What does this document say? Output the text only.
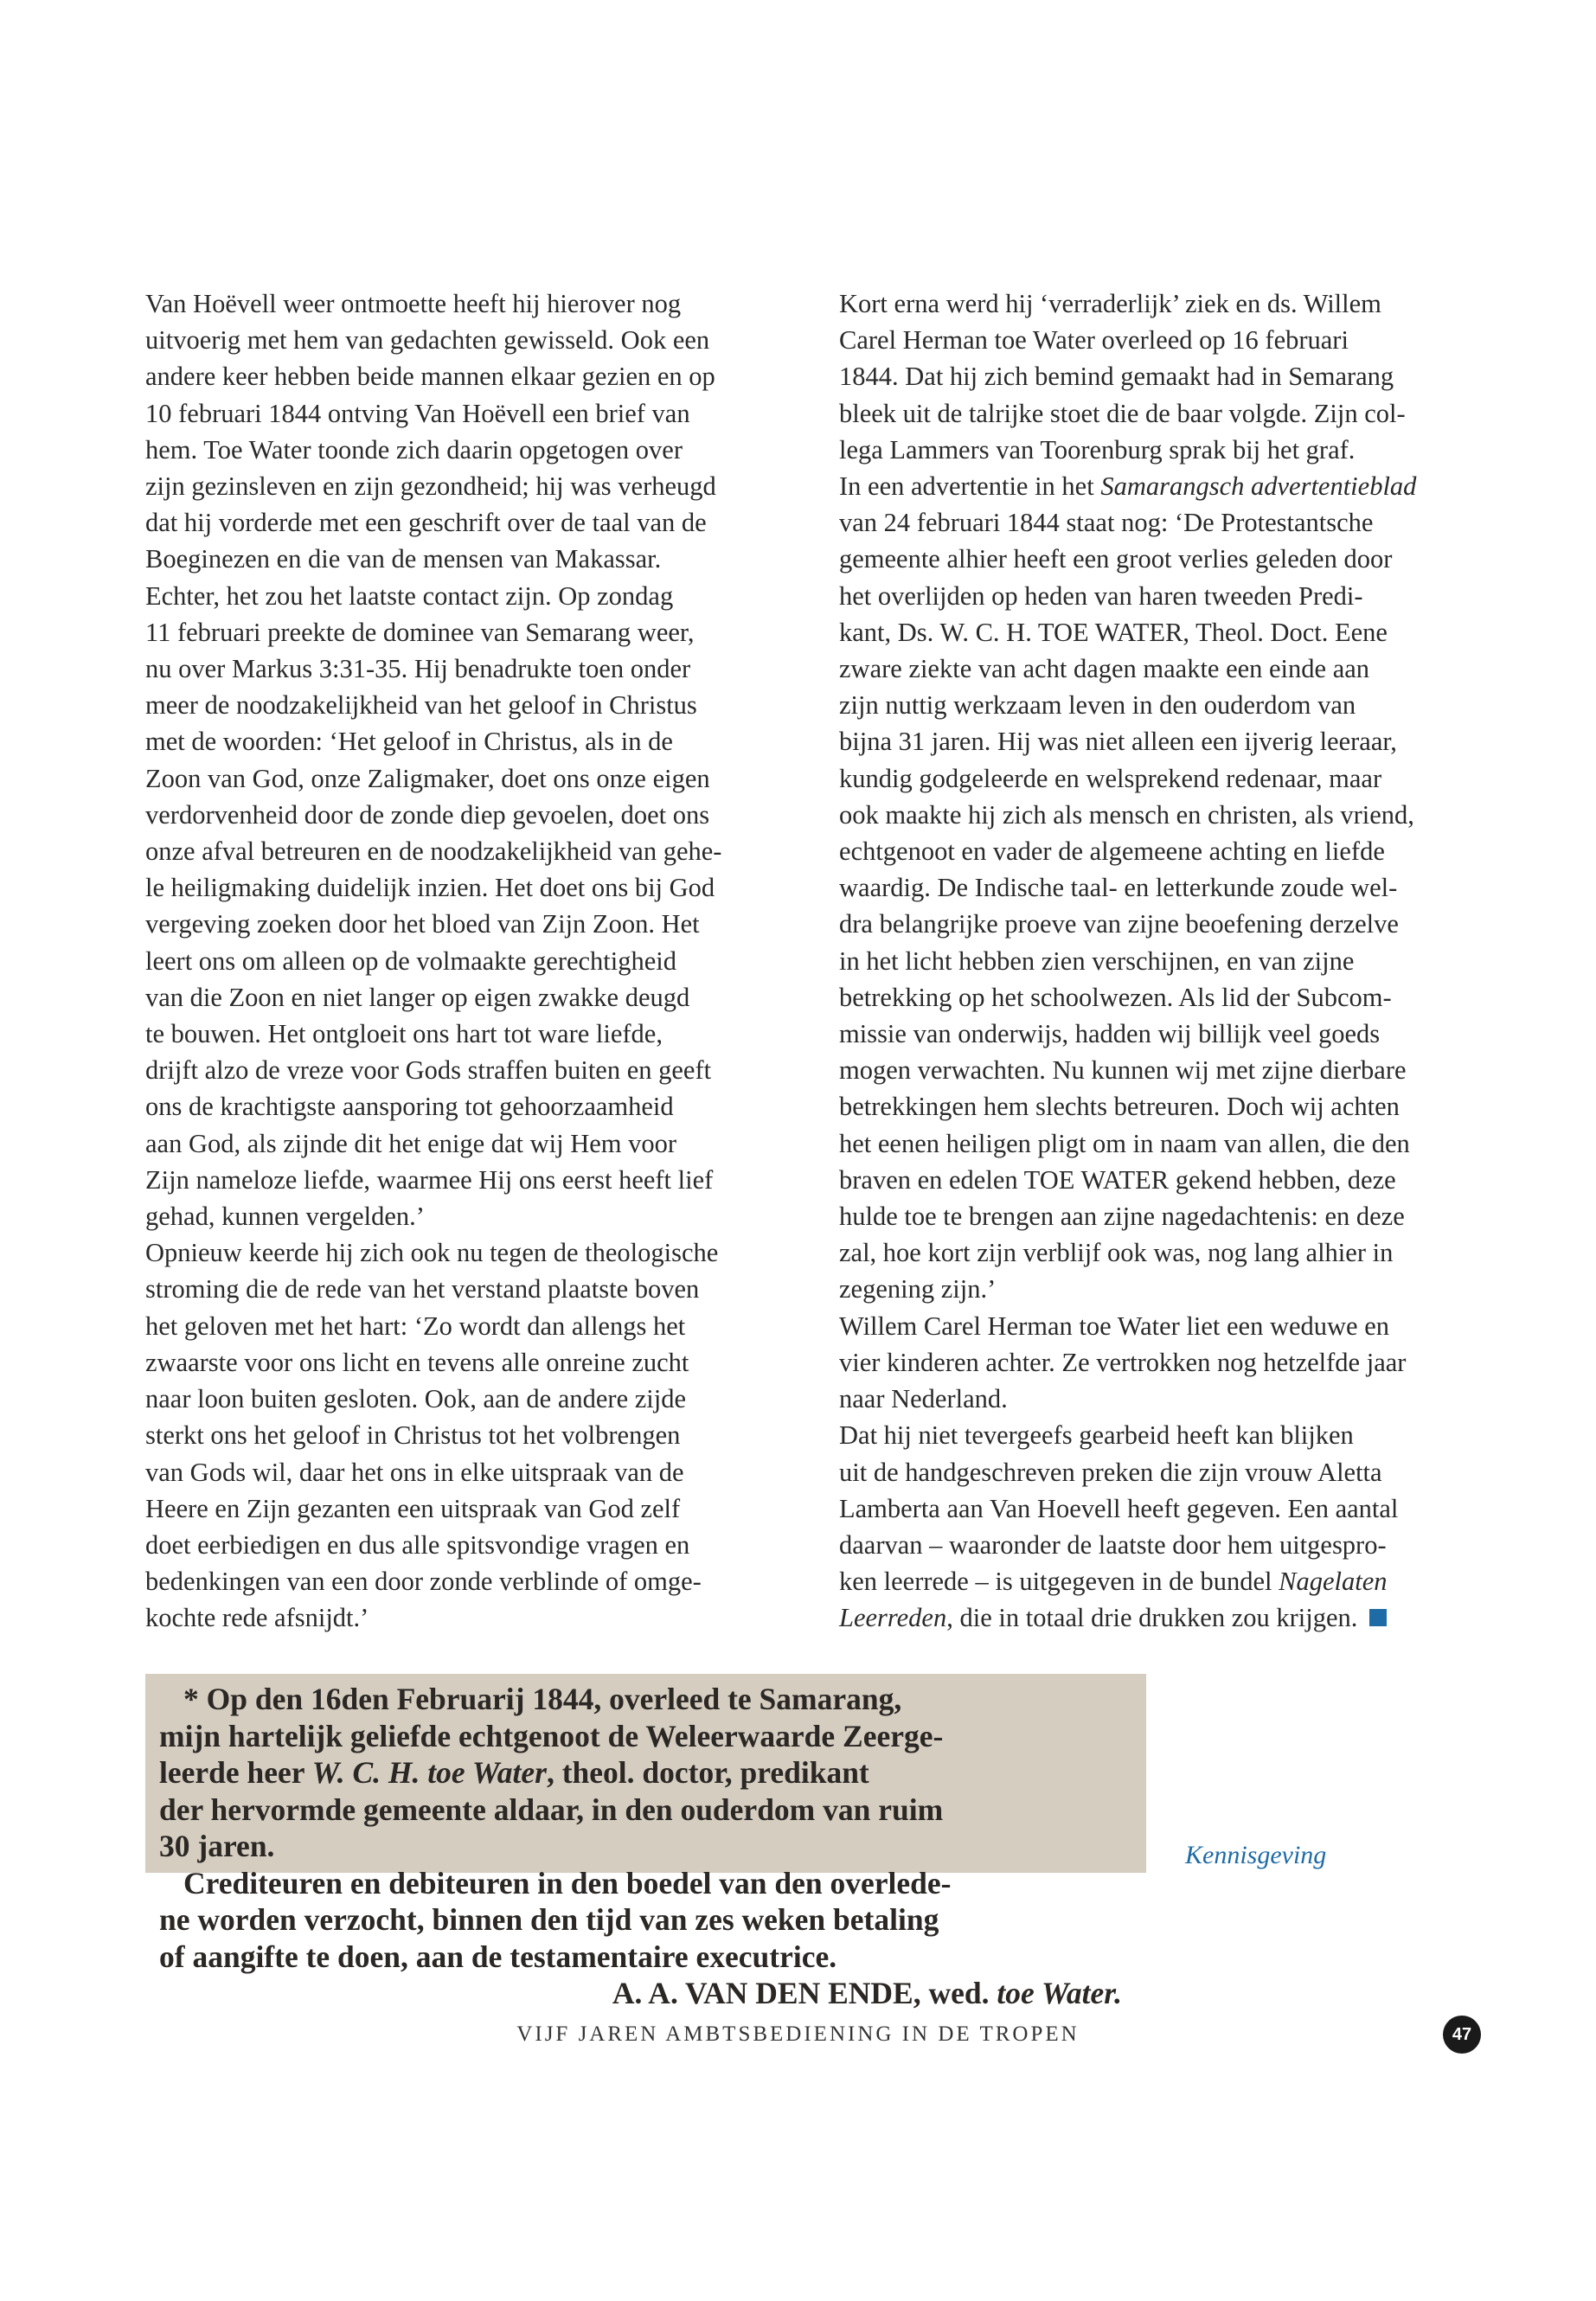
Van Hoëvell weer ontmoette heeft hij hierover nog
uitvoerig met hem van gedachten gewisseld. Ook een
andere keer hebben beide mannen elkaar gezien en op
10 februari 1844 ontving Van Hoëvell een brief van
hem. Toe Water toonde zich daarin opgetogen over
zijn gezinsleven en zijn gezondheid; hij was verheugd
dat hij vorderde met een geschrift over de taal van de
Boeginezen en die van de mensen van Makassar.
Echter, het zou het laatste contact zijn. Op zondag
11 februari preekte de dominee van Semarang weer,
nu over Markus 3:31-35. Hij benadrukte toen onder
meer de noodzakelijkheid van het geloof in Christus
met de woorden: ‘Het geloof in Christus, als in de
Zoon van God, onze Zaligmaker, doet ons onze eigen
verdorvenheid door de zonde diep gevoelen, doet ons
onze afval betreuren en de noodzakelijkheid van gehe-
le heiligmaking duidelijk inzien. Het doet ons bij God
vergeving zoeken door het bloed van Zijn Zoon. Het
leert ons om alleen op de volmaakte gerechtigheid
van die Zoon en niet langer op eigen zwakke deugd
te bouwen. Het ontgloeit ons hart tot ware liefde,
drijft alzo de vreze voor Gods straffen buiten en geeft
ons de krachtigste aansporing tot gehoorzaamheid
aan God, als zijnde dit het enige dat wij Hem voor
Zijn nameloze liefde, waarmee Hij ons eerst heeft lief
gehad, kunnen vergelden.’

Opnieuw keerde hij zich ook nu tegen de theologische
stroming die de rede van het verstand plaatste boven
het geloven met het hart: ‘Zo wordt dan allengs het
zwaarste voor ons licht en tevens alle onreine zucht
naar loon buiten gesloten. Ook, aan de andere zijde
sterkt ons het geloof in Christus tot het volbrengen
van Gods wil, daar het ons in elke uitspraak van de
Heere en Zijn gezanten een uitspraak van God zelf
doet eerbiedigen en dus alle spitsvondige vragen en
bedenkingen van een door zonde verblinde of omge-
kochte rede afsnijdt.’

Kort erna werd hij ‘verraderlijk’ ziek en ds. Willem
Carel Herman toe Water overleed op 16 februari
1844. Dat hij zich bemind gemaakt had in Semarang
bleek uit de talrijke stoet die de baar volgde. Zijn col-
lega Lammers van Toorenburg sprak bij het graf.

In een advertentie in het Samarangsch advertentieblad
van 24 februari 1844 staat nog: ‘De Protestantsche
gemeente alhier heeft een groot verlies geleden door
het overlijden op heden van haren tweeden Predi-
kant, Ds. W. C. H. TOE WATER, Theol. Doct. Eene
zware ziekte van acht dagen maakte een einde aan
zijn nuttig werkzaam leven in den ouderdom van
bijna 31 jaren. Hij was niet alleen een ijverig leeraar,
kundig godgeleerde en welsprekend redenaar, maar
ook maakte hij zich als mensch en christen, als vriend,
echtgenoot en vader de algemeene achting en liefde
waardig. De Indische taal- en letterkunde zoude wel-
dra belangrijke proeve van zijne beoefening derzelve
in het licht hebben zien verschijnen, en van zijne
betrekking op het schoolwezen. Als lid der Subcom-
missie van onderwijs, hadden wij billijk veel goeds
mogen verwachten. Nu kunnen wij met zijne dierbare
betrekkingen hem slechts betreuren. Doch wij achten
het eenen heiligen pligt om in naam van allen, die den
braven en edelen TOE WATER gekend hebben, deze
hulde toe te brengen aan zijne nagedachtenis: en deze
zal, hoe kort zijn verblijf ook was, nog lang alhier in
zegening zijn.’

Willem Carel Herman toe Water liet een weduwe en
vier kinderen achter. Ze vertrokken nog hetzelfde jaar
naar Nederland.

Dat hij niet tevergeefs gearbeid heeft kan blijken
uit de handgeschreven preken die zijn vrouw Aletta
Lamberta aan Van Hoevell heeft gegeven. Een aantal
daarvan – waaronder de laatste door hem uitgespro-
ken leerrede – is uitgegeven in de bundel Nagelaten
Leerreden, die in totaal drie drukken zou krijgen.

* Op den 16den Februarij 1844, overleed te Samarang,
mijn hartelijk geliefde echtgenoot de Weleerwaarde Zeerge-
leerde heer W. C. H. toe Water, theol. doctor, predikant
der hervormde gemeente aldaar, in den ouderdom van ruim
30 jaren.
Crediteuren en debiteuren in den boedel van den overlede-
ne worden verzocht, binnen den tijd van zes weken betaling
of aangifte te doen, aan de testamentaire executrice.
A. A. VAN DEN ENDE, wed. toe Water.
Kennisgeving
VIJF JAREN AMBTSBEDIENING IN DE TROPEN	47
